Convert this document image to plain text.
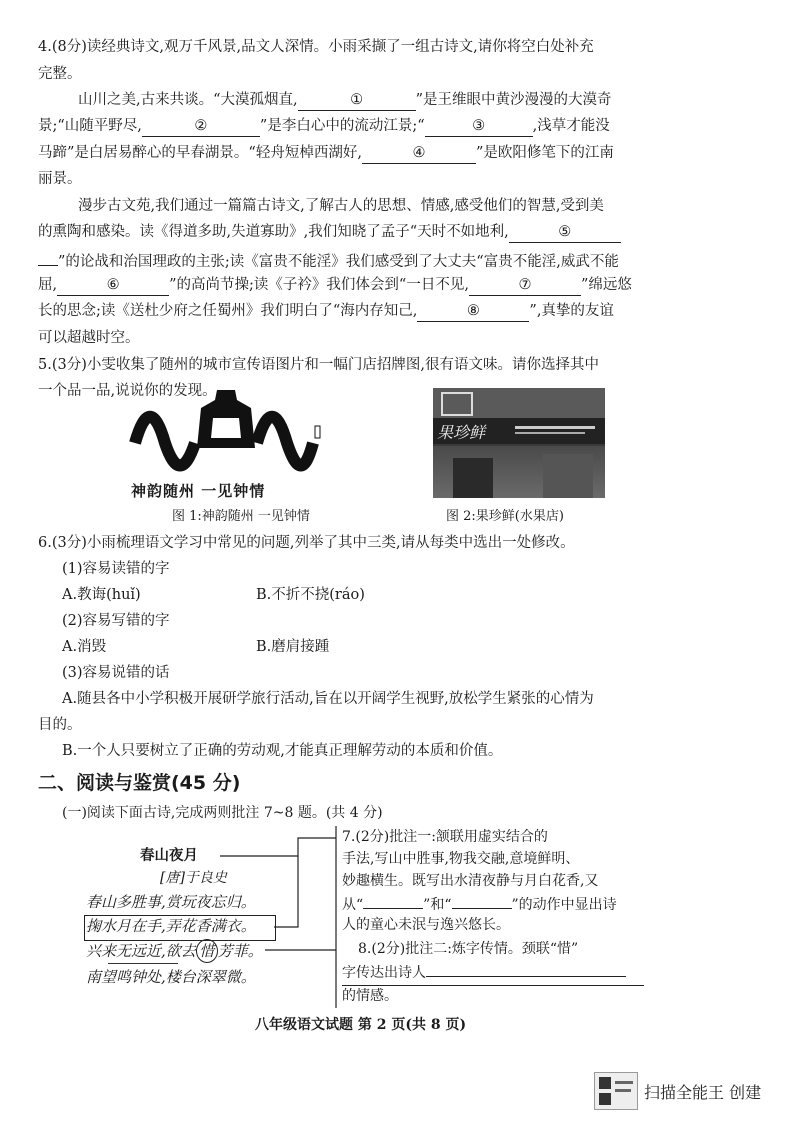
4.(8分)读经典诗文,观万千风景,品文人深情。小雨采撷了一组古诗文,请你将空白处补充
完整。
山川之美,古来共谈。“大漠孤烟直,	①	”是王维眼中黄沙漫漫的大漠奇
景;“山随平野尽,	②	”是李白心中的流动江景;“	③	,浅草才能没
马蹄”是白居易醉心的早春湖景。“轻舟短棹西湖好,	④	”是欧阳修笔下的江南
丽景。
漫步古文苑,我们通过一篇篇古诗文,了解古人的思想、情感,感受他们的智慧,受到美
的熏陶和感染。读《得道多助,失道寡助》,我们知晓了孟子“天时不如地利,	⑤
”的论战和治国理政的主张;读《富贵不能淫》我们感受到了大丈夫“富贵不能淫,威武不能
屈,	⑥	”的高尚节操;读《子衿》我们体会到“一日不见,	⑦	”绵远悠
长的思念;读《送杜少府之任蜀州》我们明白了“海内存知己,	⑧	”,真挚的友谊
可以超越时空。
5.(3分)小雯收集了随州的城市宣传语图片和一幅门店招牌图,很有语文味。请你选择其中
一个品一品,说说你的发现。
神韵随州 一见钟情
图 1:神韵随州 一见钟情
果珍鲜
图 2:果珍鲜(水果店)
6.(3分)小雨梳理语文学习中常见的问题,列举了其中三类,请从每类中选出一处修改。
(1)容易读错的字
A.教诲(huǐ)	B.不折不挠(ráo)
(2)容易写错的字
A.消毁	B.磨肩接踵
(3)容易说错的话
A.随县各中小学积极开展研学旅行活动,旨在以开阔学生视野,放松学生紧张的心情为
目的。
B.一个人只要树立了正确的劳动观,才能真正理解劳动的本质和价值。
二、阅读与鉴赏(45 分)
(一)阅读下面古诗,完成两则批注 7~8 题。(共 4 分)
春山夜月
[唐]于良史
春山多胜事,赏玩夜忘归。
掬水月在手,弄花香满衣。
兴来无远近,欲去 惜 芳菲。
南望鸣钟处,楼台深翠微。
7.(2分)批注一:颔联用虚实结合的
手法,写山中胜事,物我交融,意境鲜明、
妙趣横生。既写出水清夜静与月白花香,又
从“	”和“	”的动作中显出诗
人的童心未泯与逸兴悠长。
8.(2分)批注二:炼字传情。颈联“惜”
字传达出诗人
的情感。
八年级语文试题 第 2 页(共 8 页)
扫描全能王 创建
